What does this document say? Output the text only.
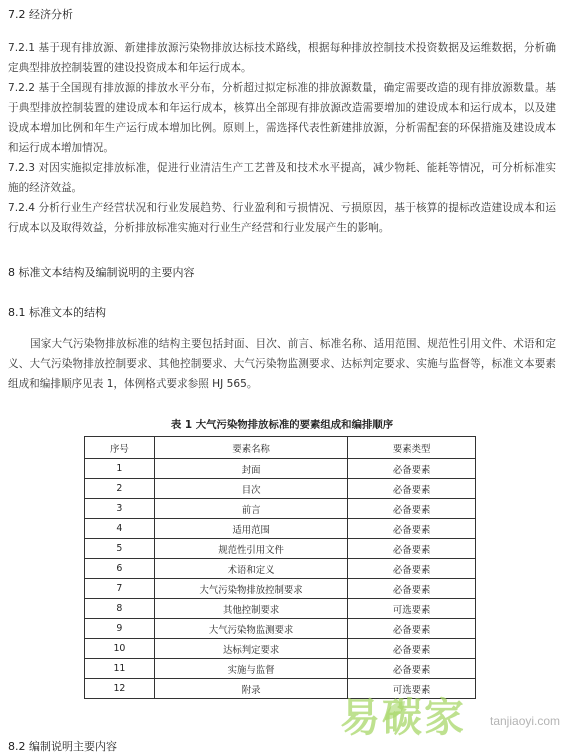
7.2 经济分析

7.2.1 基于现有排放源、新建排放源污染物排放达标技术路线，根据每种排放控制技术投资数据及运维数据，分析确定典型排放控制装置的建设投资成本和年运行成本。

7.2.2 基于全国现有排放源的排放水平分布，分析超过拟定标准的排放源数量，确定需要改造的现有排放源数量。基于典型排放控制装置的建设成本和年运行成本，核算出全部现有排放源改造需要增加的建设成本和运行成本，以及建设成本增加比例和年生产运行成本增加比例。原则上，需选择代表性新建排放源，分析需配套的环保措施及建设成本和运行成本增加情况。

7.2.3 对因实施拟定排放标准，促进行业清洁生产工艺普及和技术水平提高，减少物耗、能耗等情况，可分析标准实施的经济效益。

7.2.4 分析行业生产经营状况和行业发展趋势、行业盈利和亏损情况、亏损原因，基于核算的提标改造建设成本和运行成本以及取得效益，分析排放标准实施对行业生产经营和行业发展产生的影响。

8 标准文本结构及编制说明的主要内容
8.1 标准文本的结构

国家大气污染物排放标准的结构主要包括封面、目次、前言、标准名称、适用范围、规范性引用文件、术语和定义、大气污染物排放控制要求、其他控制要求、大气污染物监测要求、达标判定要求、实施与监督等，标准文本要素组成和编排顺序见表 1，体例格式要求参照 HJ 565。

表 1 大气污染物排放标准的要素组成和编排顺序
序号	要素名称	要素类型
1	封面	必备要素
2	目次	必备要素
3	前言	必备要素
4	适用范围	必备要素
5	规范性引用文件	必备要素
6	术语和定义	必备要素
7	大气污染物排放控制要求	必备要素
8	其他控制要求	可选要素
9	大气污染物监测要求	必备要素
10	达标判定要求	必备要素
11	实施与监督	必备要素
12	附录	可选要素
8.2 编制说明主要内容
易碳家 tanjiaoyi.com
